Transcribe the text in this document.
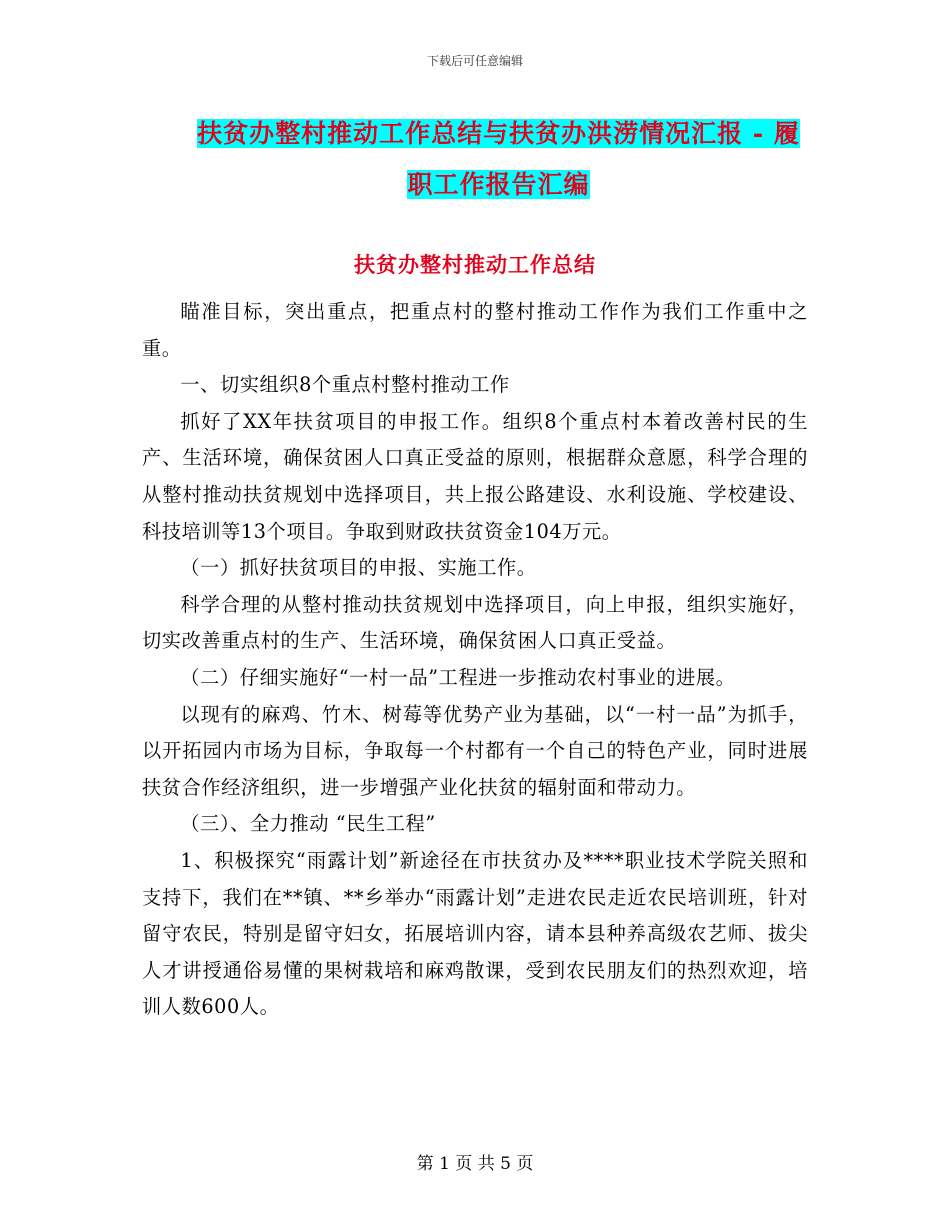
下载后可任意编辑
扶贫办整村推动工作总结与扶贫办洪涝情况汇报 - 履
职工作报告汇编
扶贫办整村推动工作总结

瞄准目标，突出重点，把重点村的整村推动工作作为我们工作重中之重。

一、切实组织8个重点村整村推动工作

抓好了XX年扶贫项目的申报工作。组织8个重点村本着改善村民的生产、生活环境，确保贫困人口真正受益的原则，根据群众意愿，科学合理的从整村推动扶贫规划中选择项目，共上报公路建设、水利设施、学校建设、科技培训等13个项目。争取到财政扶贫资金104万元。

（一）抓好扶贫项目的申报、实施工作。

科学合理的从整村推动扶贫规划中选择项目，向上申报，组织实施好，切实改善重点村的生产、生活环境，确保贫困人口真正受益。

（二）仔细实施好“一村一品”工程进一步推动农村事业的进展。

以现有的麻鸡、竹木、树莓等优势产业为基础，以“一村一品”为抓手，以开拓园内市场为目标，争取每一个村都有一个自己的特色产业，同时进展扶贫合作经济组织，进一步增强产业化扶贫的辐射面和带动力。

（三）、全力推动 “民生工程”

1、积极探究“雨露计划”新途径在市扶贫办及****职业技术学院关照和支持下，我们在**镇、**乡举办“雨露计划”走进农民走近农民培训班，针对留守农民，特别是留守妇女，拓展培训内容，请本县种养高级农艺师、拔尖人才讲授通俗易懂的果树栽培和麻鸡散课，受到农民朋友们的热烈欢迎，培训人数600人。

第 1 页 共 5 页
